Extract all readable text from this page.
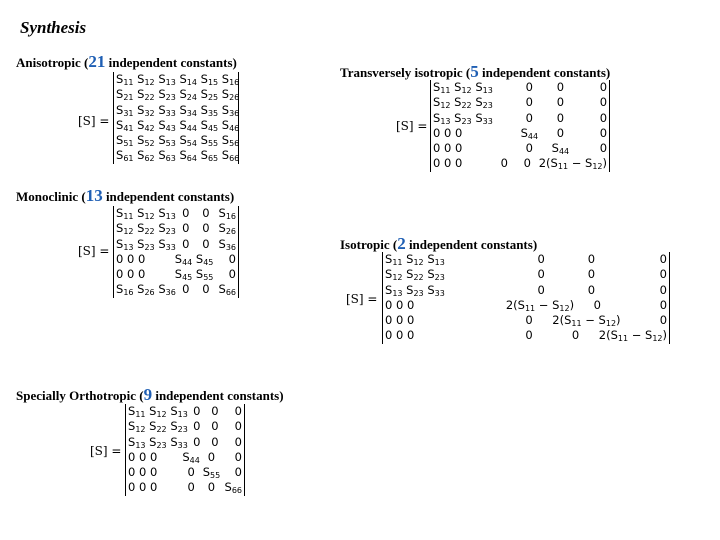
Synthesis
Anisotropic (21 independent constants)
[S] =
$S_{11}$ $S_{12}$ $S_{13}$ $S_{14}$ $S_{15}$ $S_{16}$
$S_{21}$ $S_{22}$ $S_{23}$ $S_{24}$ $S_{25}$ $S_{26}$
$S_{31}$ $S_{32}$ $S_{33}$ $S_{34}$ $S_{35}$ $S_{36}$
$S_{41}$ $S_{42}$ $S_{43}$ $S_{44}$ $S_{45}$ $S_{46}$
$S_{51}$ $S_{52}$ $S_{53}$ $S_{54}$ $S_{55}$ $S_{56}$
$S_{61}$ $S_{62}$ $S_{63}$ $S_{64}$ $S_{65}$ $S_{66}$
Monoclinic (13 independent constants)
[S] =
$S_{11}$ $S_{12}$ $S_{13}$ 0	0 $S_{16}$
$S_{12}$ $S_{22}$ $S_{23}$ 0	0 $S_{26}$
$S_{13}$ $S_{23}$ $S_{33}$ 0	0 $S_{36}$
0 0 0	$S_{44}$ $S_{45}$	0
0 0 0	$S_{45}$ $S_{55}$	0
$S_{16}$ $S_{26}$ $S_{36}$ 0	0 $S_{66}$
Specially Orthotropic (9 independent constants)
[S] =
$S_{11}$ $S_{12}$ $S_{13}$ 0 0	0
$S_{12}$ $S_{22}$ $S_{23}$ 0 0	0
$S_{13}$ $S_{23}$ $S_{33}$ 0 0	0
0 0 0	$S_{44}$ 0	0
0 0 0	0 $S_{55}$	0
0 0 0	0	0 $S_{66}$
Transversely isotropic (5 independent constants)
[S] =
$S_{11}$ $S_{12}$ $S_{13}$	0	0	0
$S_{12}$ $S_{22}$ $S_{23}$	0	0	0
$S_{13}$ $S_{23}$ $S_{33}$	0	0	0
0 0 0	$S_{44}$	0	0
0 0 0	0	$S_{44}$	0
0 0 0	0	0 $2(S_{11} - S_{12})$
Isotropic (2 independent constants)
[S] =
$S_{11}$ $S_{12}$ $S_{13}$	0	0	0
$S_{12}$ $S_{22}$ $S_{23}$	0	0	0
$S_{13}$ $S_{23}$ $S_{33}$	0	0	0
0 0 0	$2(S_{11} - S_{12})$	0	0
0 0 0	0	$2(S_{11} - S_{12})$	0
0 0 0	0	0	$2(S_{11} - S_{12})$
